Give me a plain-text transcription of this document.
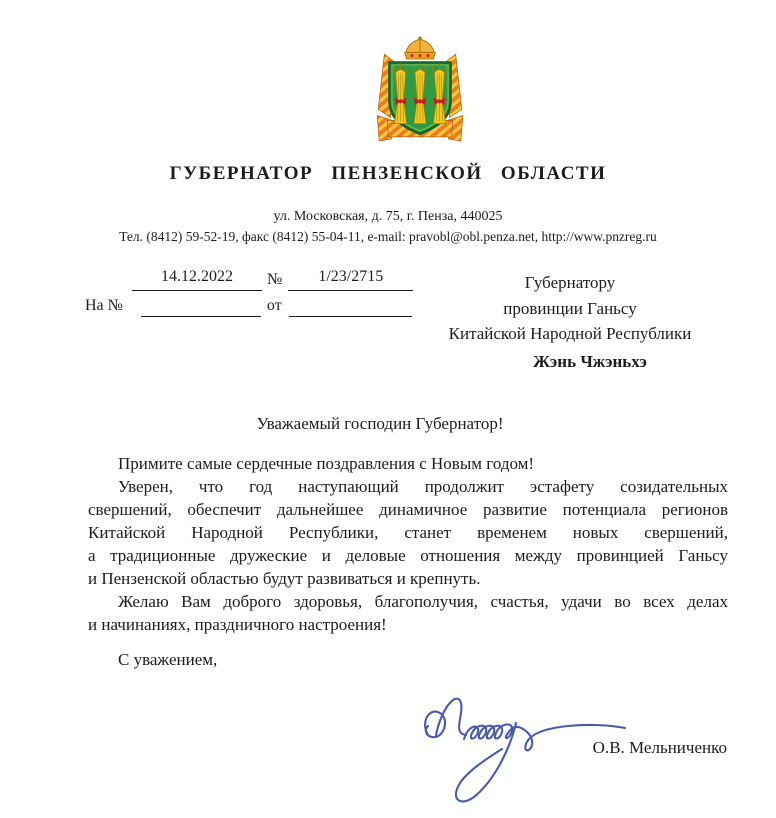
ГУБЕРНАТОР ПЕНЗЕНСКОЙ ОБЛАСТИ
ул. Московская, д. 75, г. Пенза, 440025
Тел. (8412) 59-52-19, факс (8412) 55-04-11, e-mail: pravobl@obl.penza.net, http://www.pnzreg.ru
14.12.2022	№	1/23/2715
На №	от
Губернатору
провинции Ганьсу
Китайской Народной Республики
Жэнь Чжэньхэ
Уважаемый господин Губернатор!
Примите самые сердечные поздравления с Новым годом!
Уверен, что год наступающий продолжит эстафету созидательных
свершений, обеспечит дальнейшее динамичное развитие потенциала регионов
Китайской Народной Республики, станет временем новых свершений,
а традиционные дружеские и деловые отношения между провинцией Ганьсу
и Пензенской областью будут развиваться и крепнуть.
Желаю Вам доброго здоровья, благополучия, счастья, удачи во всех делах
и начинаниях, праздничного настроения!
С уважением,
О.В. Мельниченко
